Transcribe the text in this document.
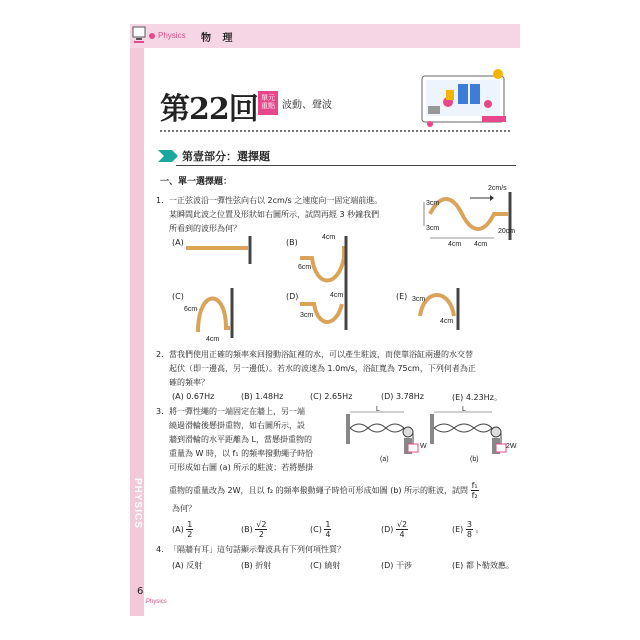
Physics 物 理
PHYSICS
第22回 單元重點 波動、聲波
第壹部分：選擇題
一、單一選擇題：
1. 一正弦波沿一彈性弦向右以 2cm/s 之速度向一固定端前進。
某瞬間此波之位置及形狀如右圖所示，試問再經 3 秒鐘我們
所看到的波形為何？
2cm/s
3cm
3cm
4cm 4cm
20cm
(A)	(B)
4cm
6cm
(C)
6cm
4cm
(D)	4cm
3cm
(E) 3cm
4cm
2. 當我們使用正確的頻率來回撥動浴缸裡的水，可以產生駐波，而使靠浴缸兩邊的水交替
起伏（即一邊高，另一邊低）。若水的波速為 1.0m/s，浴缸寬為 75cm，下列何者為正
確的頻率？
(A) 0.67Hz	(B) 1.48Hz	(C) 2.65Hz	(D) 3.78Hz	(E) 4.23Hz。
3. 將一彈性繩的一端固定在牆上，另一端
繞過滑輪後懸掛重物，如右圖所示，設
牆到滑輪的水平距離為 L，當懸掛重物的
重量為 W 時，以 f₁ 的頻率撥動繩子時恰
可形成如右圖 (a) 所示的駐波；若將懸掛
L
W
(a)
L
2W
(b)
重物的重量改為 2W，且以 f₂ 的頻率撥動繩子時恰可形成如圖 (b) 所示的駐波，試問 $\frac{\text{f₁}}{\text{f₂}}$
為何？
$(A) \frac{1}{2}$	$(B) \frac{√2}{2}$	$(C) \frac{1}{4}$	$(D) \frac{√2}{4}$	$(E) \frac{3}{8}$ 。
4. 「隔牆有耳」這句話顯示聲波具有下列何項性質？
(A) 反射	(B) 折射	(C) 繞射	(D) 干涉	(E) 都卜勒效應。
6
Physics
